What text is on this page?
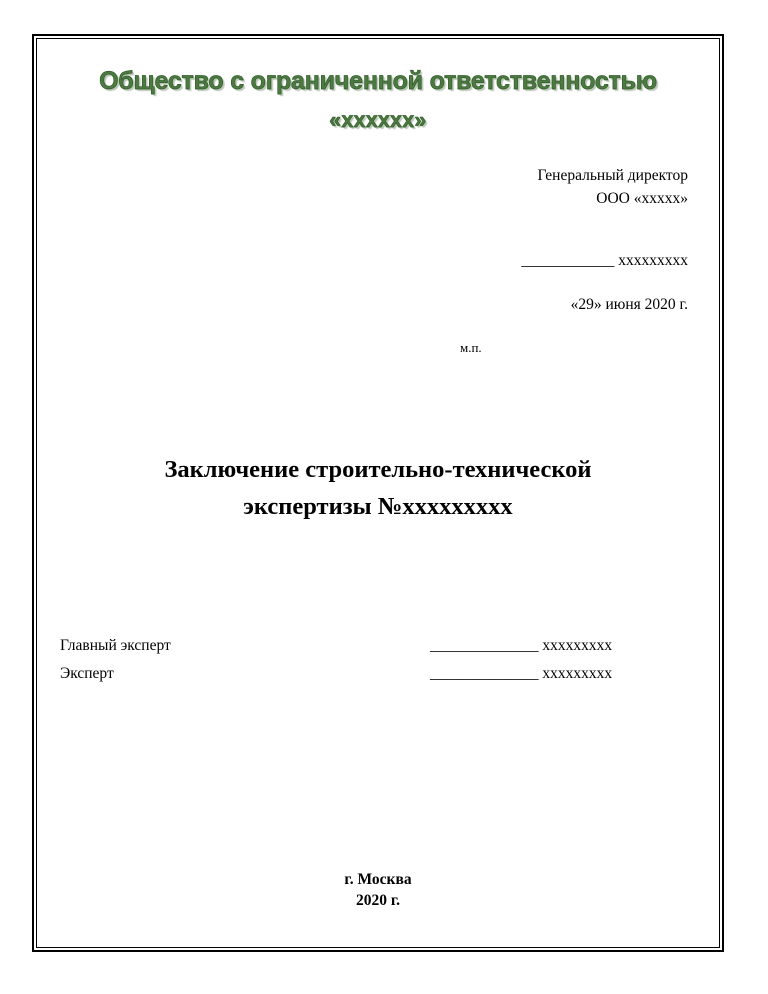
Общество с ограниченной ответственностью
«хххххх»
Генеральный директор
ООО «ххххх»
____________ ххххххххх
«29» июня 2020 г.
м.п.
Заключение строительно-технической
экспертизы №ххххххххх
Главный эксперт	______________ ххххххххх
Эксперт	______________ ххххххххх
г. Москва
2020 г.
